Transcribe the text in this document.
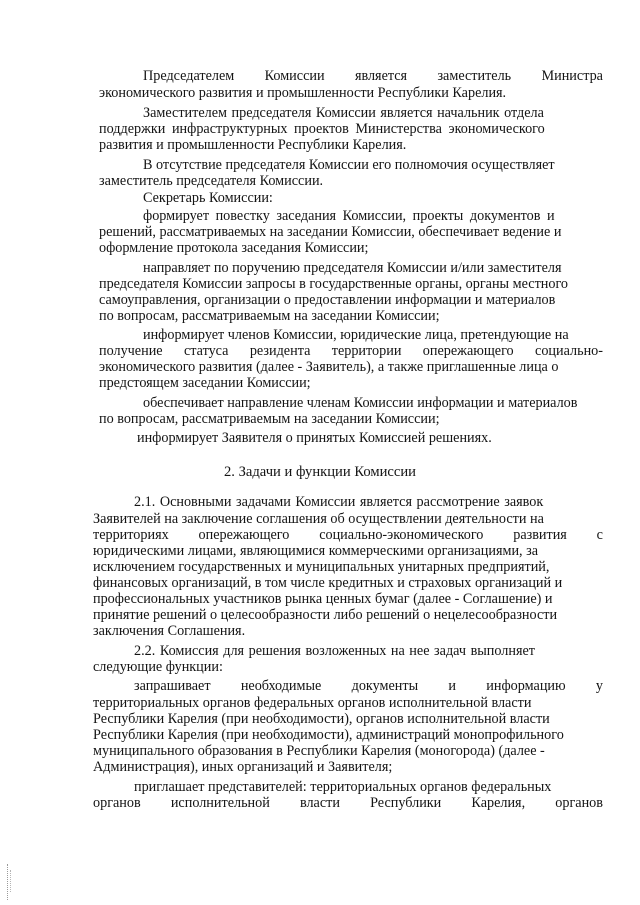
Председателем Комиссии является заместитель Министра
экономического развития и промышленности Республики Карелия.
Заместителем председателя Комиссии является начальник отдела
поддержки инфраструктурных проектов Министерства экономического
развития и промышленности Республики Карелия.
В отсутствие председателя Комиссии его полномочия осуществляет
заместитель председателя Комиссии.
Секретарь Комиссии:
формирует повестку заседания Комиссии, проекты документов и
решений, рассматриваемых на заседании Комиссии, обеспечивает ведение и
оформление протокола заседания Комиссии;
направляет по поручению председателя Комиссии и/или заместителя
председателя Комиссии запросы в государственные органы, органы местного
самоуправления, организации о предоставлении информации и материалов
по вопросам, рассматриваемым на заседании Комиссии;
информирует членов Комиссии, юридические лица, претендующие на
получение статуса резидента территории опережающего социально-
экономического развития (далее - Заявитель), а также приглашенные лица о
предстоящем заседании Комиссии;
обеспечивает направление членам Комиссии информации и материалов
по вопросам, рассматриваемым на заседании Комиссии;
информирует Заявителя о принятых Комиссией решениях.
2. Задачи и функции Комиссии
2.1. Основными задачами Комиссии является рассмотрение заявок
Заявителей на заключение соглашения об осуществлении деятельности на
территориях опережающего социально-экономического развития с
юридическими лицами, являющимися коммерческими организациями, за
исключением государственных и муниципальных унитарных предприятий,
финансовых организаций, в том числе кредитных и страховых организаций и
профессиональных участников рынка ценных бумаг (далее - Соглашение) и
принятие решений о целесообразности либо решений о нецелесообразности
заключения Соглашения.
2.2. Комиссия для решения возложенных на нее задач выполняет
следующие функции:
запрашивает необходимые документы и информацию у
территориальных органов федеральных органов исполнительной власти
Республики Карелия (при необходимости), органов исполнительной власти
Республики Карелия (при необходимости), администраций монопрофильного
муниципального образования в Республики Карелия (моногорода) (далее -
Администрация), иных организаций и Заявителя;
приглашает представителей: территориальных органов федеральных
органов исполнительной власти Республики Карелия, органов
